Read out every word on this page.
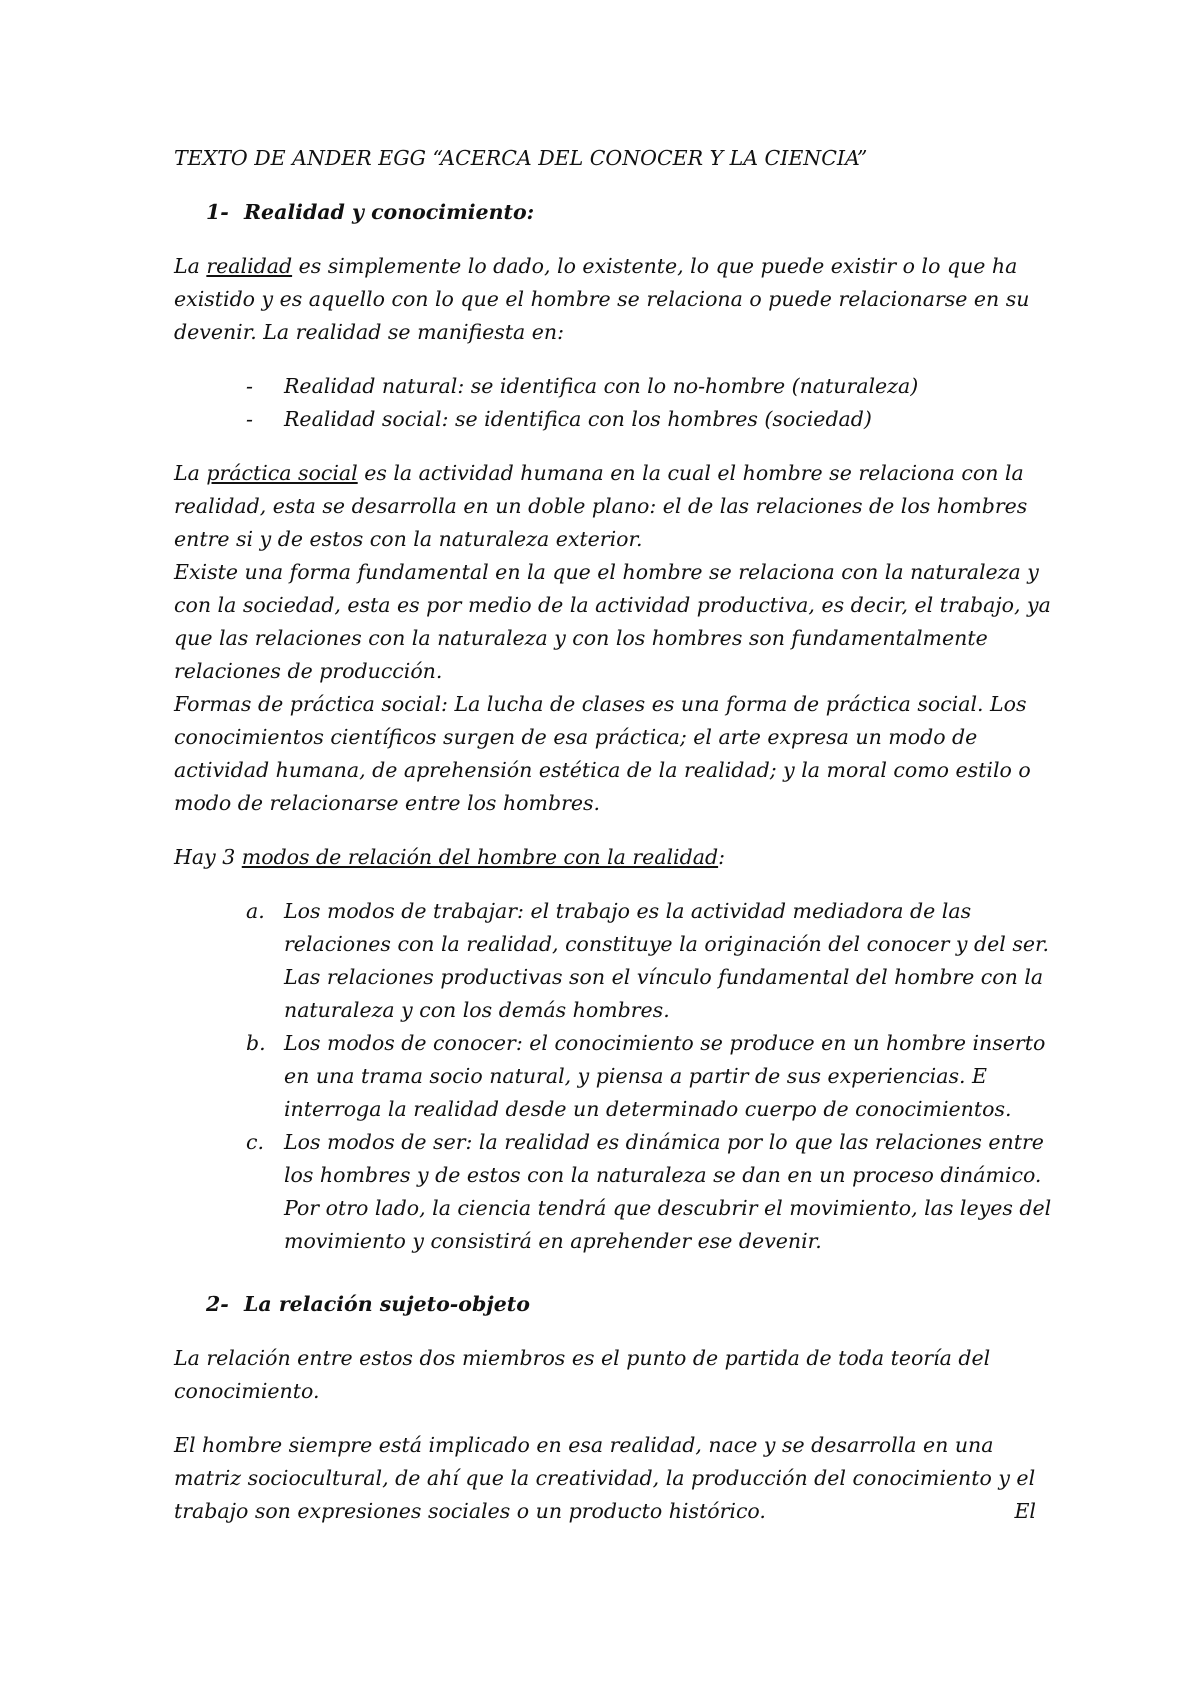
TEXTO DE ANDER EGG “ACERCA DEL CONOCER Y LA CIENCIA”

1- Realidad y conocimiento:

La realidad es simplemente lo dado, lo existente, lo que puede existir o lo que ha existido y es aquello con lo que el hombre se relaciona o puede relacionarse en su devenir. La realidad se manifiesta en:

-	Realidad natural: se identifica con lo no-hombre (naturaleza)
-	Realidad social: se identifica con los hombres (sociedad)

La práctica social es la actividad humana en la cual el hombre se relaciona con la realidad, esta se desarrolla en un doble plano: el de las relaciones de los hombres entre si y de estos con la naturaleza exterior.

Existe una forma fundamental en la que el hombre se relaciona con la naturaleza y con la sociedad, esta es por medio de la actividad productiva, es decir, el trabajo, ya que las relaciones con la naturaleza y con los hombres son fundamentalmente relaciones de producción.

Formas de práctica social: La lucha de clases es una forma de práctica social. Los conocimientos científicos surgen de esa práctica; el arte expresa un modo de actividad humana, de aprehensión estética de la realidad; y la moral como estilo o modo de relacionarse entre los hombres.

Hay 3 modos de relación del hombre con la realidad:

a. Los modos de trabajar: el trabajo es la actividad mediadora de las relaciones con la realidad, constituye la originación del conocer y del ser. Las relaciones productivas son el vínculo fundamental del hombre con la naturaleza y con los demás hombres.
b. Los modos de conocer: el conocimiento se produce en un hombre inserto en una trama socio natural, y piensa a partir de sus experiencias. E interroga la realidad desde un determinado cuerpo de conocimientos.
c. Los modos de ser: la realidad es dinámica por lo que las relaciones entre los hombres y de estos con la naturaleza se dan en un proceso dinámico. Por otro lado, la ciencia tendrá que descubrir el movimiento, las leyes del movimiento y consistirá en aprehender ese devenir.
2- La relación sujeto-objeto

La relación entre estos dos miembros es el punto de partida de toda teoría del conocimiento.

El hombre siempre está implicado en esa realidad, nace y se desarrolla en una matriz sociocultural, de ahí que la creatividad, la producción del conocimiento y el trabajo son expresiones sociales o un producto histórico.	El
